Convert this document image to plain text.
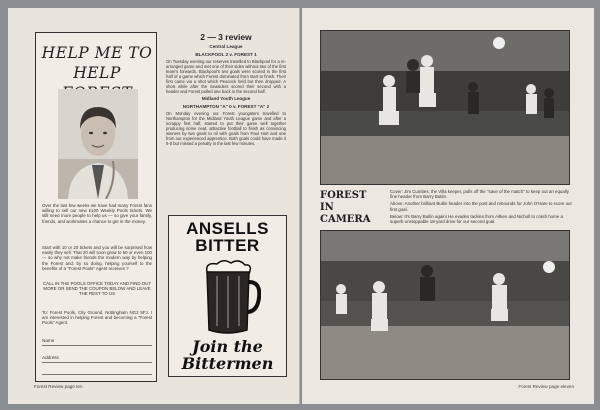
HELP ME TO
HELP
Over the last few weeks we have had many Forest fans willing to sell our new £100 Weekly Pools tickets. We still need more people to help us — so give your family, friends, and workmates a chance to get in the money.
Start with 10 or 20 tickets and you will be surprised how easily they sell. That 20 will soon grow to 50 or even 100 — so why not make friends the modern way by helping the Forest and, by so doing, helping yourself to the benefits of a "Forest Pools" Agent receives ?
CALL IN THE POOLS OFFICE TODAY AND FIND OUT MORE OR SEND THE COUPON BELOW AND LEAVE THE REST TO US
To: Forest Pools, City Ground, Nottingham NG2 5FJ. I am interested in helping Forest and becoming a "Forest Pools" Agent.
Name
Address
2 — 3 review
Central League
BLACKPOOL 2 v. FOREST 1
On Tuesday evening our reserves travelled to Blackpool for a re-arranged game and met one of their sides without two of the first team's forwards. Blackpool's two goals were scored in the first half of a game which Forest dominated from start to finish. Their first came via a shot which Peacock held but then dropped. A short while after the Seasiders scored their second with a header and Forest pulled one back in the second half.
Midland Youth League
NORTHAMPTON "A" 0 v. FOREST "A" 2
On Monday evening our Forest youngsters travelled to Northampton for the Midland Youth League game and after a scrappy first half, started to put their game well together producing some neat, attractive football to finish as convincing winners by two goals to nil with goals from Paul Hart and one from our experienced apprentice. Both goals could have made it 5-0 but missed a penalty in the last few minutes.
ANSELLS
BITTER
Join the
Bittermen
Forest Review page ten
FOREST
IN
CAMERA

Cover: Jim Cumbes, the Villa keeper, pulls off the "save of the match" to keep out an equally fine header from Barry Butlin.

Above: Another brilliant Butlin header into the post and rebounds for John O'Hare to score our first goal.

Below: It's Barry Butlin again! He evades tackles from Aitken and Nicholl to crash home a superb unstoppable 18-yard drive for our second goal.

Forest Review page eleven
